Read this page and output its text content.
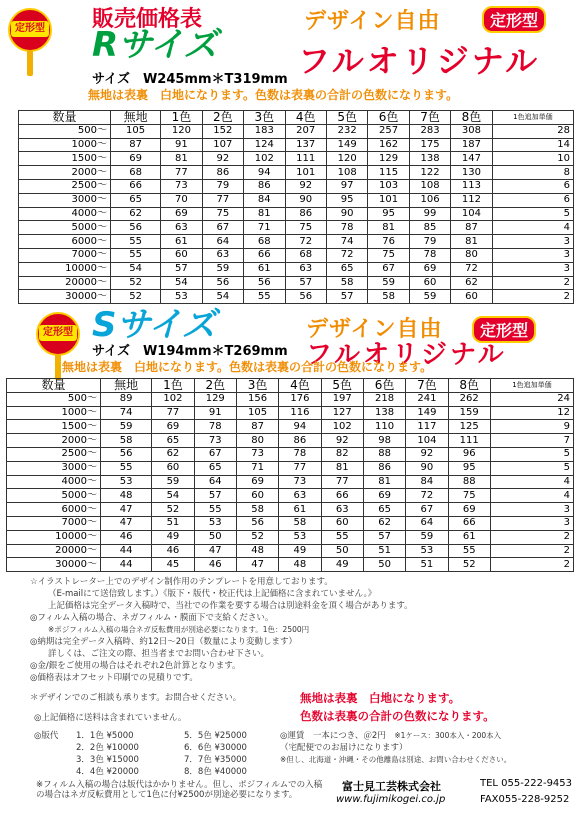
定形型 販売価格表
Rサイズ
サイズ　W245mm＊T319mm
デザイン自由	定形型
フルオリジナル
無地は表裏　白地になります。色数は表裏の合計の色数になります。
数量	無地	1色	2色	3色	4色	5色	6色	7色	8色	1色追加単価
500～	105	120	152	183	207	232	257	283	308	28
1000～	87	91	107	124	137	149	162	175	187	14
1500～	69	81	92	102	111	120	129	138	147	10
2000～	68	77	86	94	101	108	115	122	130	8
2500～	66	73	79	86	92	97	103	108	113	6
3000～	65	70	77	84	90	95	101	106	112	6
4000～	62	69	75	81	86	90	95	99	104	5
5000～	56	63	67	71	75	78	81	85	87	4
6000～	55	61	64	68	72	74	76	79	81	3
7000～	55	60	63	66	68	72	75	78	80	3
10000～	54	57	59	61	63	65	67	69	72	3
20000～	52	54	56	56	57	58	59	60	62	2
30000～	52	53	54	55	56	57	58	59	60	2
定形型 Sサイズ
サイズ　W194mm＊T269mm
デザイン自由	定形型
フルオリジナル
無地は表裏　白地になります。色数は表裏の合計の色数になります。
数量	無地	1色	2色	3色	4色	5色	6色	7色	8色	1色追加単価
500～	89	102	129	156	176	197	218	241	262	24
1000～	74	77	91	105	116	127	138	149	159	12
1500～	59	69	78	87	94	102	110	117	125	9
2000～	58	65	73	80	86	92	98	104	111	7
2500～	56	62	67	73	78	82	88	92	96	5
3000～	55	60	65	71	77	81	86	90	95	5
4000～	53	59	64	69	73	77	81	84	88	4
5000～	48	54	57	60	63	66	69	72	75	4
6000～	47	52	55	58	61	63	65	67	69	3
7000～	47	51	53	56	58	60	62	64	66	3
10000～	46	49	50	52	53	55	57	59	61	2
20000～	44	46	47	48	49	50	51	53	55	2
30000～	44	45	46	47	48	49	50	51	52	2
☆イラストレーター上でのデザイン制作用のテンプレートを用意しております。
（E-mailにて送信致します。）《版下・版代・校正代は上記価格に含まれていません。》
上記価格は完全データ入稿時で、当社での作業を要する場合は別途料金を頂く場合があります。
◎フィルム入稿の場合、ネガフィルム・膜面下で支給ください。
※ポジフィルム入稿の場合ネガ反転費用が別途必要になります。1色：2500円
◎納期は完全データ入稿時、約12日～20日（数量により変動します）
詳しくは、ご注文の際、担当者までお問い合わせ下さい。
◎金/銀をご使用の場合はそれぞれ2色計算となります。
◎価格表はオフセット印刷での見積りです。
＊デザインでのご相談も承ります。お問合せください。
◎上記価格に送料は含まれていません。
無地は表裏　白地になります。
色数は表裏の合計の色数になります。
◎版代 1．1色 ¥5000
2．2色 ¥10000
3．3色 ¥15000
4．4色 ¥20000
5．5色 ¥25000
6．6色 ¥30000
7．7色 ¥35000
8．8色 ¥40000
◎運賃　一本につき、＠2円　 ※1ケース：300本入・200本入
（宅配便でのお届けになります）
※但し、北海道・沖縄・その他離島は別途、お問い合わせください。
※フィルム入稿の場合は版代はかかりません。但し、ポジフィルムでの入稿
の場合はネガ反転費用として1色に付¥2500が別途必要になります。
富士見工芸株式会社
www.fujimikogei.co.jp
TEL 055-222-9453
FAX055-228-9252
